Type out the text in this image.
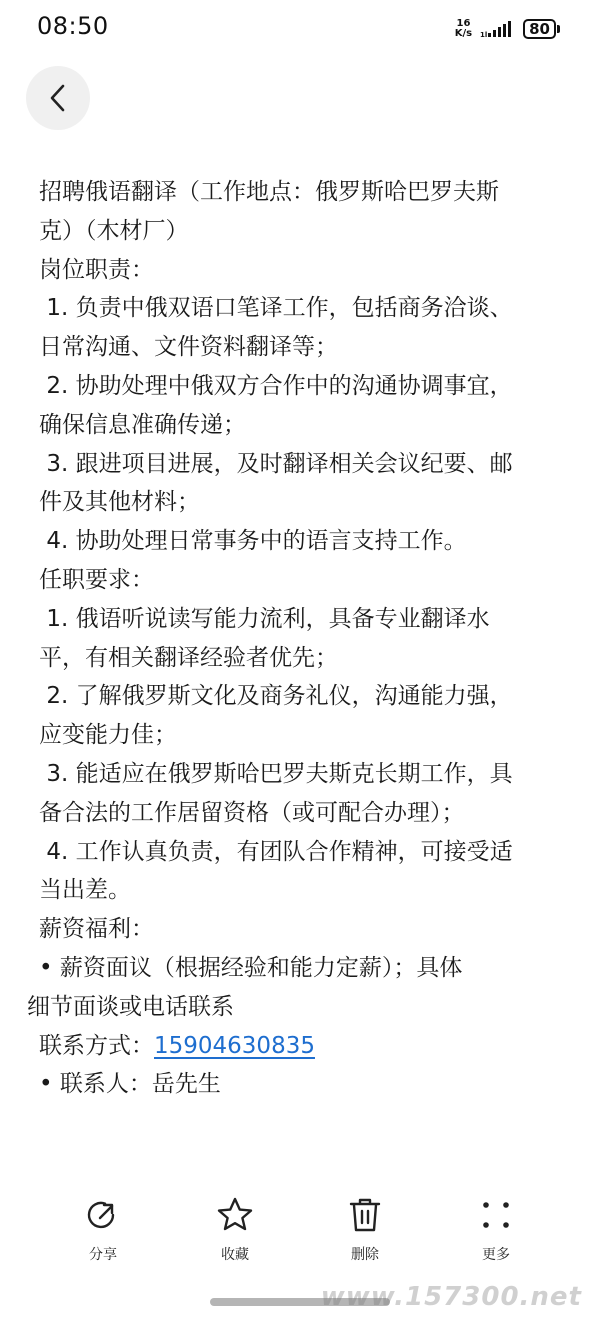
08:50	16
K/s 1l	80

招聘俄语翻译（工作地点：俄罗斯哈巴罗夫斯
克）（木材厂）

岗位职责：

1. 负责中俄双语口笔译工作，包括商务洽谈、
日常沟通、文件资料翻译等；

2. 协助处理中俄双方合作中的沟通协调事宜，
确保信息准确传递；

3. 跟进项目进展，及时翻译相关会议纪要、邮
件及其他材料；

4. 协助处理日常事务中的语言支持工作。

任职要求：

1. 俄语听说读写能力流利，具备专业翻译水
平，有相关翻译经验者优先；

2. 了解俄罗斯文化及商务礼仪，沟通能力强，
应变能力佳；

3. 能适应在俄罗斯哈巴罗夫斯克长期工作，具
备合法的工作居留资格（或可配合办理）；

4. 工作认真负责，有团队合作精神，可接受适
当出差。

薪资福利：

• 薪资面议（根据经验和能力定薪）；具体
细节面谈或电话联系

联系方式：15904630835

• 联系人：岳先生

分享	收藏	删除	更多
www.157300.net
